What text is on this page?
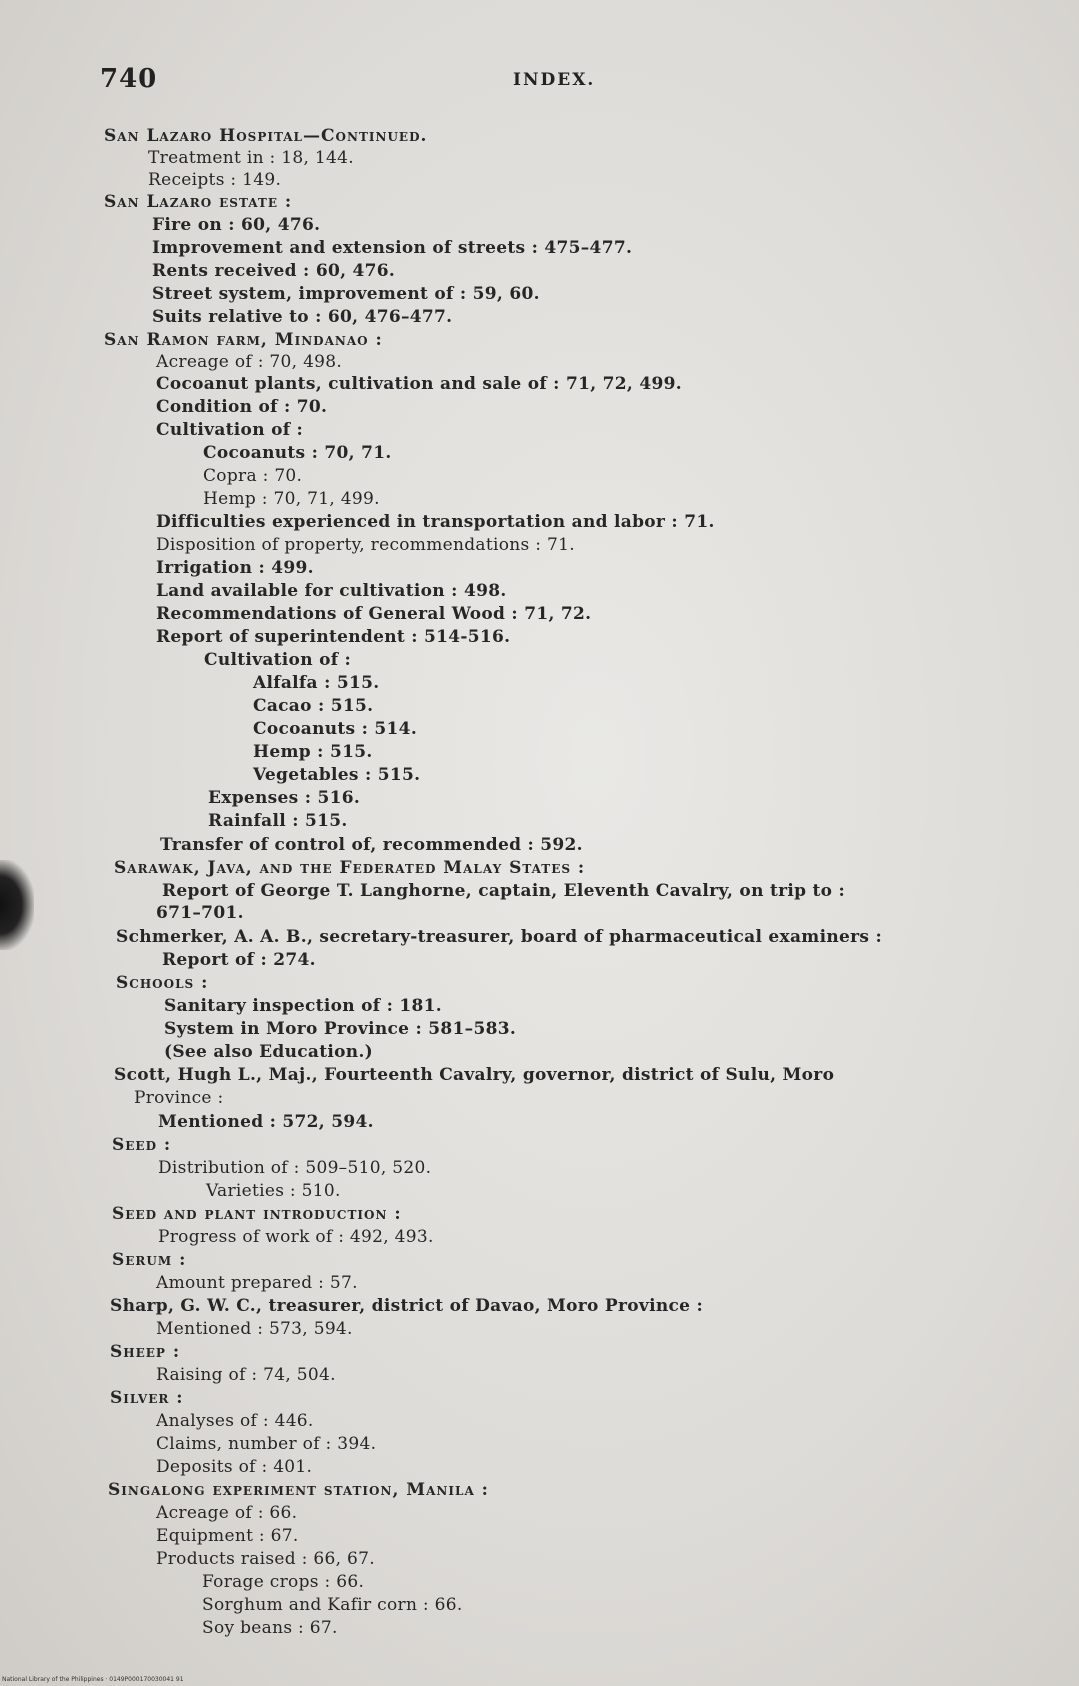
740	INDEX.
San Lazaro Hospital—Continued.
Treatment in : 18, 144.
Receipts : 149.
San Lazaro estate :
Fire on : 60, 476.
Improvement and extension of streets : 475–477.
Rents received : 60, 476.
Street system, improvement of : 59, 60.
Suits relative to : 60, 476–477.
San Ramon farm, Mindanao :
Acreage of : 70, 498.
Cocoanut plants, cultivation and sale of : 71, 72, 499.
Condition of : 70.
Cultivation of :
Cocoanuts : 70, 71.
Copra : 70.
Hemp : 70, 71, 499.
Difficulties experienced in transportation and labor : 71.
Disposition of property, recommendations : 71.
Irrigation : 499.
Land available for cultivation : 498.
Recommendations of General Wood : 71, 72.
Report of superintendent : 514-516.
Cultivation of :
Alfalfa : 515.
Cacao : 515.
Cocoanuts : 514.
Hemp : 515.
Vegetables : 515.
Expenses : 516.
Rainfall : 515.
Transfer of control of, recommended : 592.
Sarawak, Java, and the Federated Malay States :
Report of George T. Langhorne, captain, Eleventh Cavalry, on trip to :
671–701.
Schmerker, A. A. B., secretary-treasurer, board of pharmaceutical examiners :
Report of : 274.
Schools :
Sanitary inspection of : 181.
System in Moro Province : 581–583.
(See also Education.)
Scott, Hugh L., Maj., Fourteenth Cavalry, governor, district of Sulu, Moro
Province :
Mentioned : 572, 594.
Seed :
Distribution of : 509–510, 520.
Varieties : 510.
Seed and plant introduction :
Progress of work of : 492, 493.
Serum :
Amount prepared : 57.
Sharp, G. W. C., treasurer, district of Davao, Moro Province :
Mentioned : 573, 594.
Sheep :
Raising of : 74, 504.
Silver :
Analyses of : 446.
Claims, number of : 394.
Deposits of : 401.
Singalong experiment station, Manila :
Acreage of : 66.
Equipment : 67.
Products raised : 66, 67.
Forage crops : 66.
Sorghum and Kafir corn : 66.
Soy beans : 67.
National Library of the Philippines · 0149P000170030041 91
